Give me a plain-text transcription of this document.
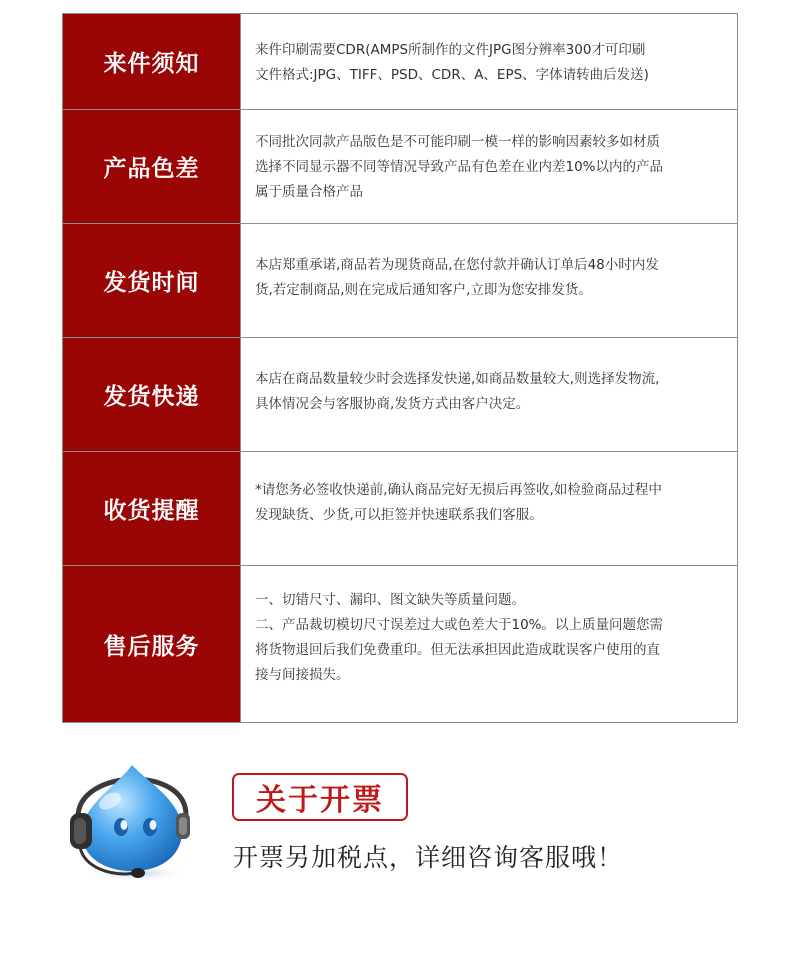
来件须知
来件印刷需要CDR(AMPS所制作的文件JPG图分辨率300才可印刷
文件格式:JPG、TIFF、PSD、CDR、A、EPS、字体请转曲后发送)
产品色差
不同批次同款产品版色是不可能印刷一模一样的影响因素较多如材质
选择不同显示器不同等情况导致产品有色差在业内差10%以内的产品
属于质量合格产品
发货时间
本店郑重承诺,商品若为现货商品,在您付款并确认订单后48小时内发
货,若定制商品,则在完成后通知客户,立即为您安排发货。
发货快递
本店在商品数量较少时会选择发快递,如商品数量较大,则选择发物流,
具体情况会与客服协商,发货方式由客户决定。
收货提醒
*请您务必签收快递前,确认商品完好无损后再签收,如检验商品过程中
发现缺货、少货,可以拒签并快速联系我们客服。
售后服务
一、切错尺寸、漏印、图文缺失等质量问题。
二、产品裁切模切尺寸误差过大或色差大于10%。以上质量问题您需
将货物退回后我们免费重印。但无法承担因此造成耽误客户使用的直
接与间接损失。
关于开票
开票另加税点，详细咨询客服哦！
